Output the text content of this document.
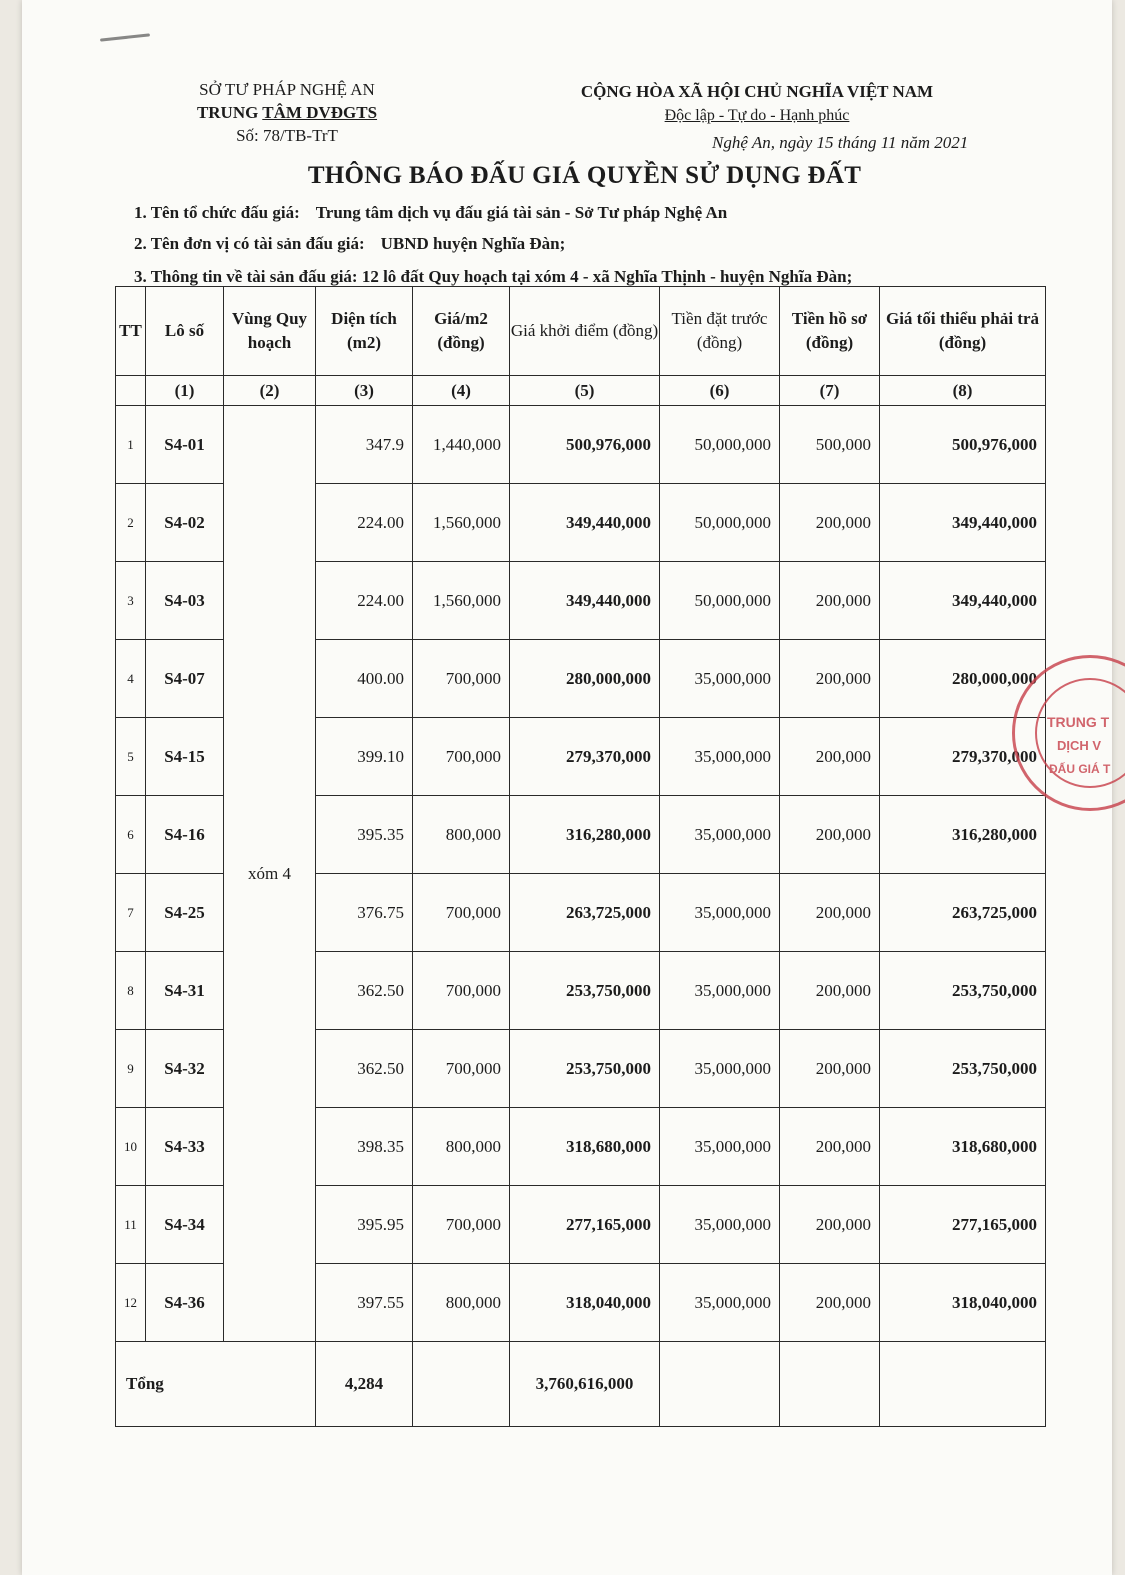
SỞ TƯ PHÁP NGHỆ AN
TRUNG TÂM DVĐGTS
Số: 78/TB-TrT
CỘNG HÒA XÃ HỘI CHỦ NGHĨA VIỆT NAM
Độc lập - Tự do - Hạnh phúc
Nghệ An, ngày 15 tháng 11 năm 2021
THÔNG BÁO ĐẤU GIÁ QUYỀN SỬ DỤNG ĐẤT
1. Tên tổ chức đấu giá: Trung tâm dịch vụ đấu giá tài sản - Sở Tư pháp Nghệ An
2. Tên đơn vị có tài sản đấu giá: UBND huyện Nghĩa Đàn;
3. Thông tin về tài sản đấu giá: 12 lô đất Quy hoạch tại xóm 4 - xã Nghĩa Thịnh - huyện Nghĩa Đàn;
TT	Lô số	Vùng Quy hoạch	Diện tích (m2)	Giá/m2 (đồng)	Giá khởi điểm (đồng)	Tiền đặt trước (đồng)	Tiền hồ sơ (đồng)	Giá tối thiểu phải trả (đồng)
	(1)	(2)	(3)	(4)	(5)	(6)	(7)	(8)
1	S4-01	xóm 4	347.9	1,440,000	500,976,000	50,000,000	500,000	500,976,000
2	S4-02		224.00	1,560,000	349,440,000	50,000,000	200,000	349,440,000
3	S4-03		224.00	1,560,000	349,440,000	50,000,000	200,000	349,440,000
4	S4-07		400.00	700,000	280,000,000	35,000,000	200,000	280,000,000
5	S4-15		399.10	700,000	279,370,000	35,000,000	200,000	279,370,000
6	S4-16		395.35	800,000	316,280,000	35,000,000	200,000	316,280,000
7	S4-25		376.75	700,000	263,725,000	35,000,000	200,000	263,725,000
8	S4-31		362.50	700,000	253,750,000	35,000,000	200,000	253,750,000
9	S4-32		362.50	700,000	253,750,000	35,000,000	200,000	253,750,000
10	S4-33		398.35	800,000	318,680,000	35,000,000	200,000	318,680,000
11	S4-34		395.95	700,000	277,165,000	35,000,000	200,000	277,165,000
12	S4-36		397.55	800,000	318,040,000	35,000,000	200,000	318,040,000
Tổng			4,284		3,760,616,000			
TRUNG T
DỊCH V
ĐẤU GIÁ T
